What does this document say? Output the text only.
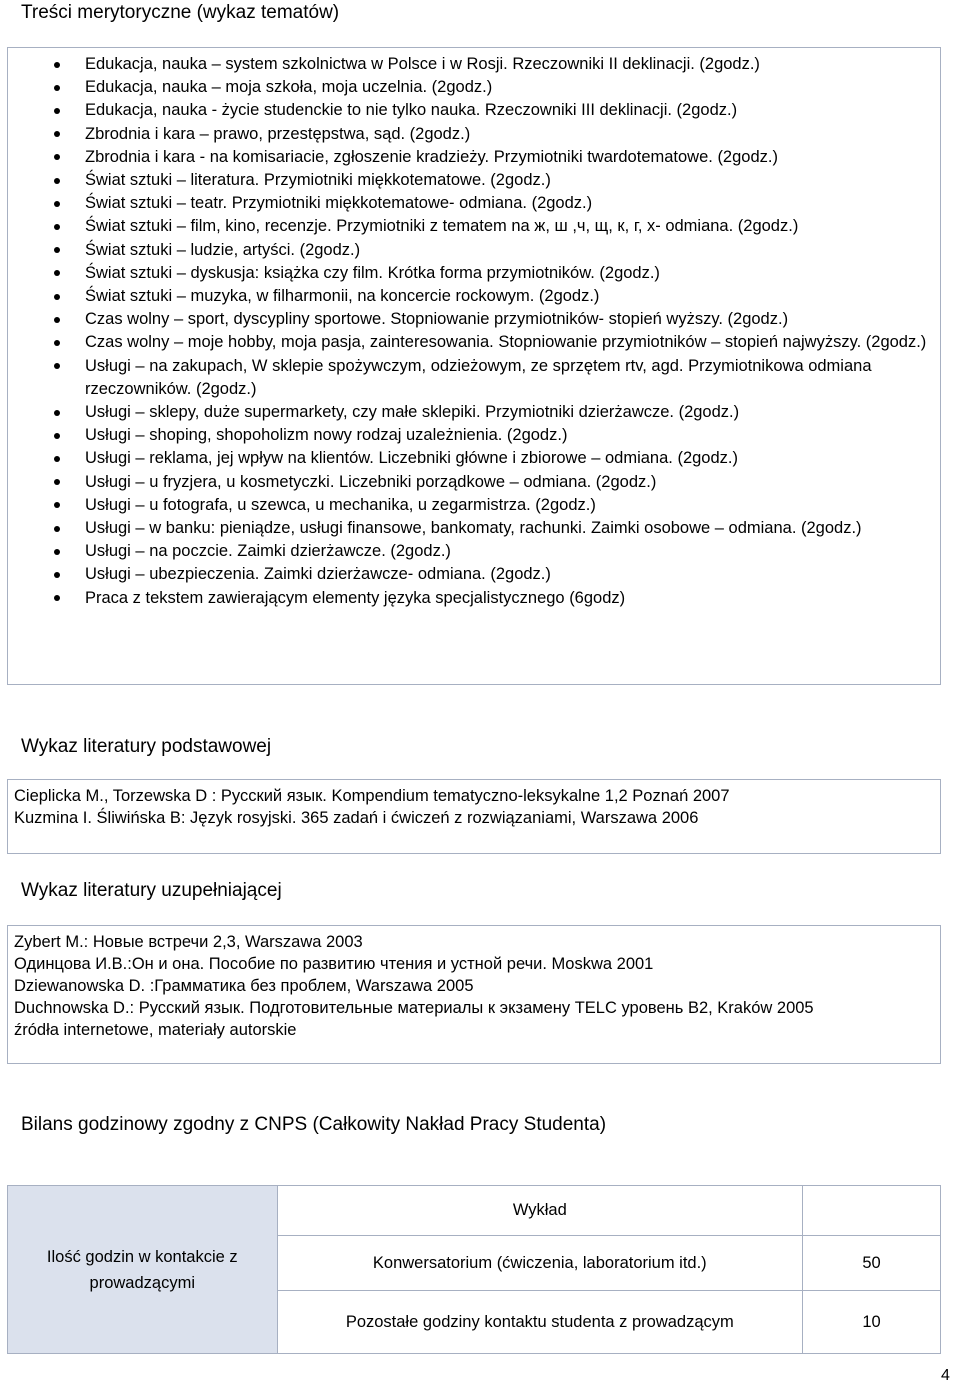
Treści merytoryczne (wykaz tematów)
Edukacja, nauka – system szkolnictwa w Polsce i w Rosji. Rzeczowniki II deklinacji. (2godz.)
Edukacja, nauka – moja szkoła, moja uczelnia. (2godz.)
Edukacja, nauka - życie studenckie to nie tylko nauka. Rzeczowniki III deklinacji. (2godz.)
Zbrodnia i kara – prawo, przestępstwa, sąd. (2godz.)
Zbrodnia i kara - na komisariacie, zgłoszenie kradzieży. Przymiotniki twardotematowe. (2godz.)
Świat sztuki – literatura. Przymiotniki miękkotematowe. (2godz.)
Świat sztuki – teatr. Przymiotniki miękkotematowe- odmiana. (2godz.)
Świat sztuki – film, kino, recenzje. Przymiotniki z tematem na ж, ш ,ч, щ, к, г, х- odmiana. (2godz.)
Świat sztuki – ludzie, artyści. (2godz.)
Świat sztuki – dyskusja: książka czy film. Krótka forma przymiotników. (2godz.)
Świat sztuki – muzyka, w filharmonii, na koncercie rockowym. (2godz.)
Czas wolny – sport, dyscypliny sportowe. Stopniowanie przymiotników- stopień wyższy. (2godz.)
Czas wolny – moje hobby, moja pasja, zainteresowania. Stopniowanie przymiotników – stopień najwyższy. (2godz.)
Usługi – na zakupach, W sklepie spożywczym, odzieżowym, ze sprzętem rtv, agd. Przymiotnikowa odmiana rzeczowników. (2godz.)
Usługi – sklepy, duże supermarkety, czy małe sklepiki. Przymiotniki dzierżawcze. (2godz.)
Usługi – shoping, shopoholizm nowy rodzaj uzależnienia. (2godz.)
Usługi – reklama, jej wpływ na klientów. Liczebniki główne i zbiorowe – odmiana. (2godz.)
Usługi – u fryzjera, u kosmetyczki. Liczebniki porządkowe – odmiana. (2godz.)
Usługi – u fotografa, u szewca, u mechanika, u zegarmistrza. (2godz.)
Usługi – w banku: pieniądze, usługi finansowe, bankomaty, rachunki. Zaimki osobowe – odmiana. (2godz.)
Usługi – na poczcie. Zaimki dzierżawcze. (2godz.)
Usługi – ubezpieczenia. Zaimki dzierżawcze- odmiana. (2godz.)
Praca z tekstem zawierającym elementy języka specjalistycznego (6godz)
Wykaz literatury podstawowej
Cieplicka M., Torzewska D : Русский язык. Kompendium tematyczno-leksykalne 1,2 Poznań 2007
Kuzmina I. Śliwińska B: Język rosyjski. 365 zadań i ćwiczeń z rozwiązaniami, Warszawa 2006
Wykaz literatury uzupełniającej
Zybert M.: Новые встречи 2,3, Warszawa 2003
Одинцова И.В.:Он и она. Пособие по развитию чтения и устной речи. Moskwa 2001
Dziewanowska D. :Грамматика без проблем, Warszawa 2005
Duchnowska D.: Русский язык. Подготовительные материалы к экзамену TELC уровень B2, Kraków 2005
źródła internetowe, materiały autorskie
Bilans godzinowy zgodny z CNPS (Całkowity Nakład Pracy Studenta)
Ilość godzin w kontakcie z prowadzącymi	Wykład	
	Konwersatorium (ćwiczenia, laboratorium itd.)	50
	Pozostałe godziny kontaktu studenta z prowadzącym	10
4
